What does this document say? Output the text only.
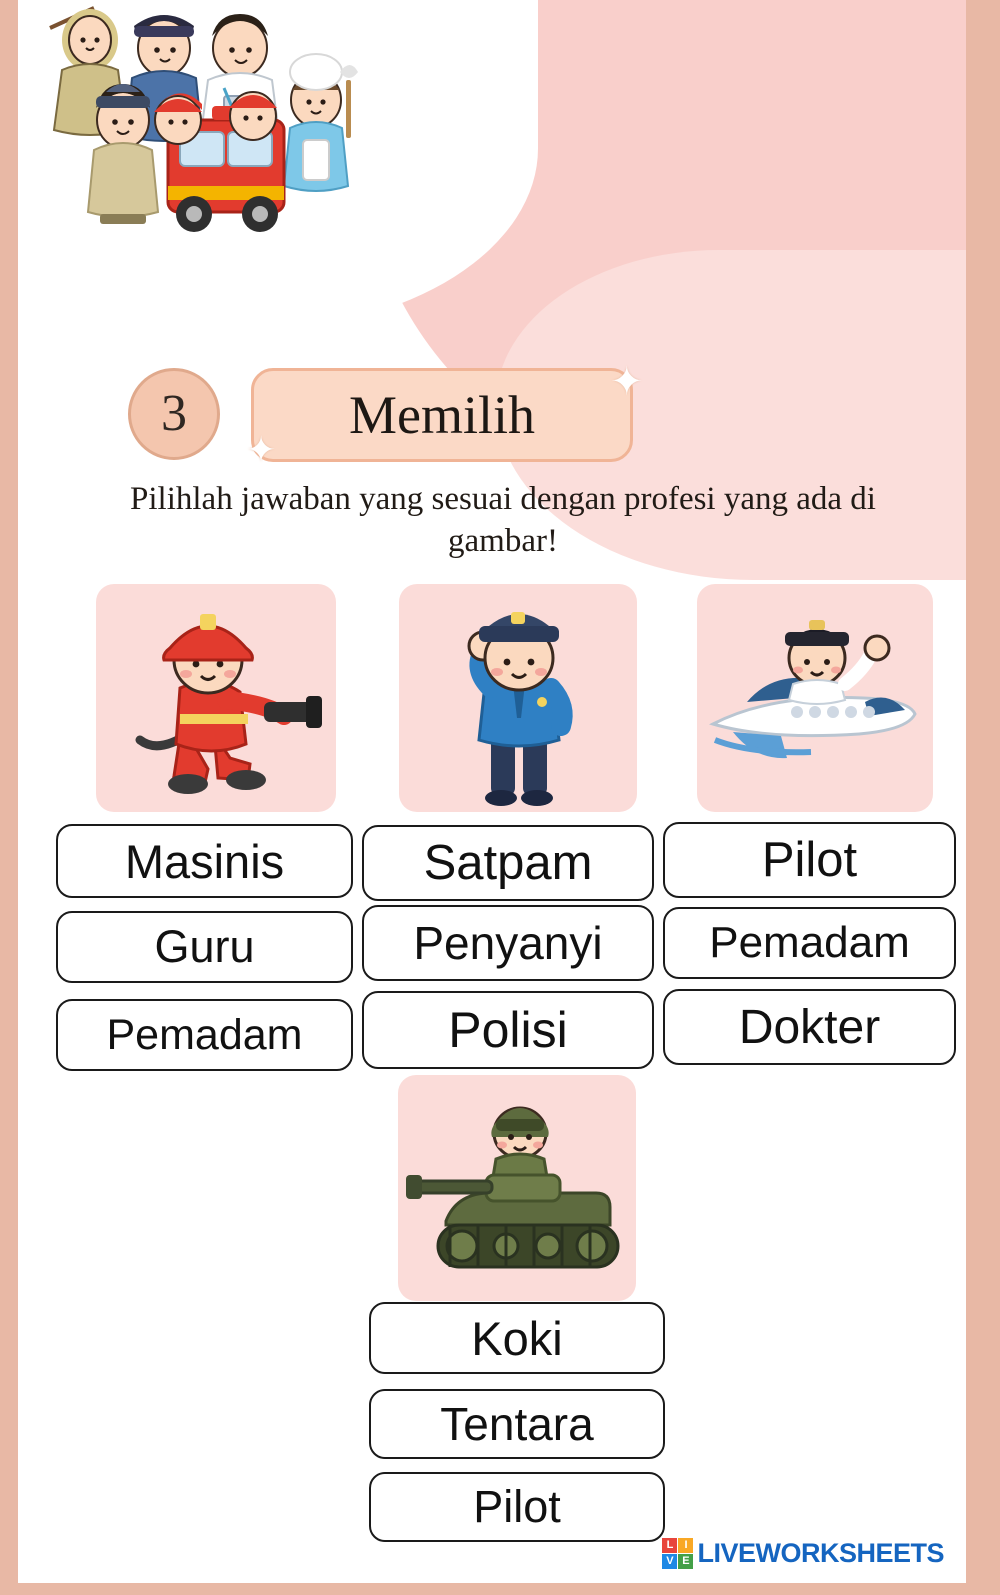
3	Memilih
✦
✦
Pilihlah jawaban yang sesuai dengan profesi yang ada di gambar!
Masinis
Guru
Pemadam
Satpam
Penyanyi
Polisi
Pilot
Pemadam
Dokter
Koki
Tentara
Pilot
L	I
V E LIVEWORKSHEETS
